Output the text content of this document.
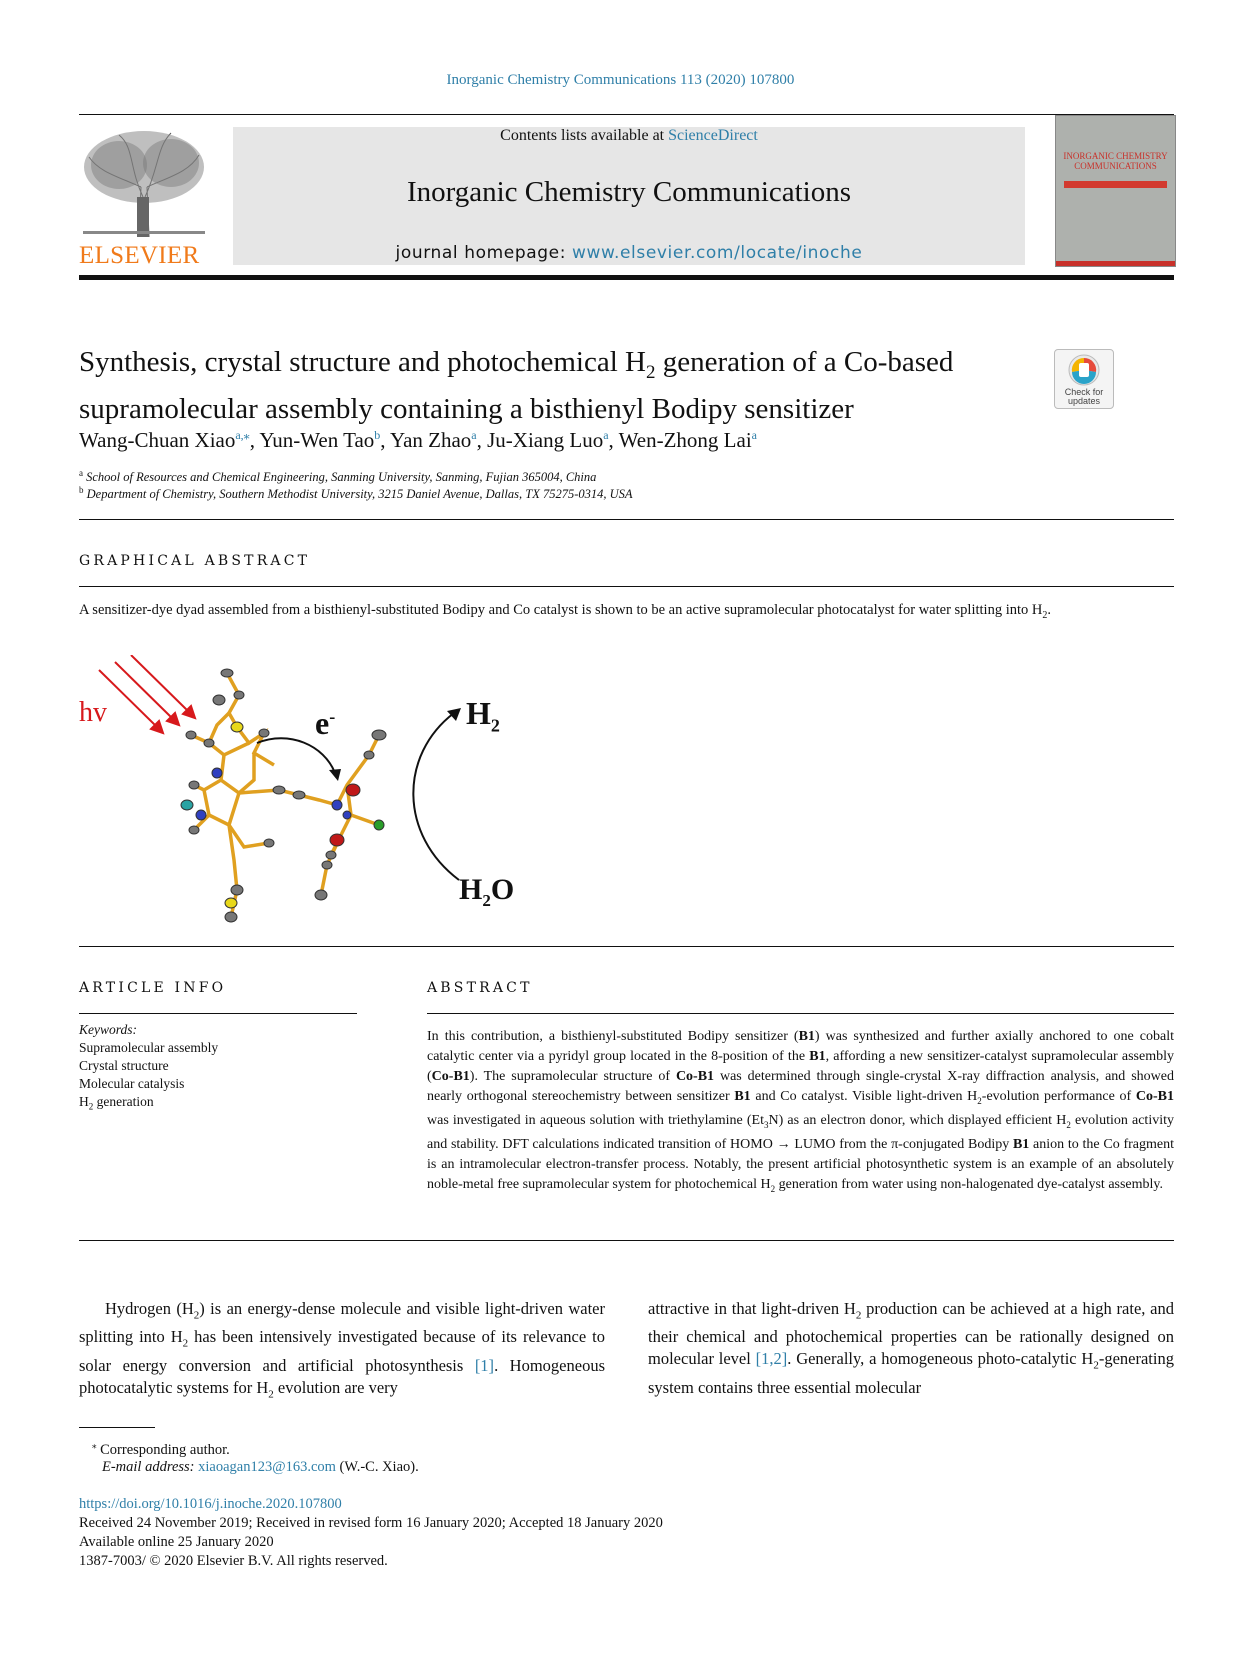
Inorganic Chemistry Communications 113 (2020) 107800
ELSEVIER
Contents lists available at ScienceDirect
Inorganic Chemistry Communications
journal homepage: www.elsevier.com/locate/inoche
INORGANIC CHEMISTRY COMMUNICATIONS
Synthesis, crystal structure and photochemical $H_2$ generation of a Co-based
supramolecular assembly containing a bisthienyl Bodipy sensitizer
Check for
updates
Wang-Chuan Xiao$^{a,⁎}$, Yun-Wen Tao$^b$, Yan Zhao$^a$, Ju-Xiang Luo$^a$, Wen-Zhong Lai$^a$
$^a$ School of Resources and Chemical Engineering, Sanming University, Sanming, Fujian 365004, China
$^b$ Department of Chemistry, Southern Methodist University, 3215 Daniel Avenue, Dallas, TX 75275-0314, USA
GRAPHICAL ABSTRACT
A sensitizer-dye dyad assembled from a bisthienyl-substituted Bodipy and Co catalyst is shown to be an active supramolecular photocatalyst for water splitting into $H_2$.
hv	e-	$H_2$
$H_2O$
ARTICLE INFO
Keywords:
Supramolecular assembly
Crystal structure
Molecular catalysis
$H_2$ generation
ABSTRACT
In this contribution, a bisthienyl-substituted Bodipy sensitizer (B1) was synthesized and further axially anchored to one cobalt catalytic center via a pyridyl group located in the 8-position of the B1, affording a new sensitizer-catalyst supramolecular assembly (Co-B1). The supramolecular structure of Co-B1 was determined through single-crystal X-ray diffraction analysis, and showed nearly orthogonal stereochemistry between sensitizer B1 and Co catalyst. Visible light-driven $H_2$-evolution performance of Co-B1 was investigated in aqueous solution with triethylamine $(Et_3N)$ as an electron donor, which displayed efficient $H_2$ evolution activity and stability. DFT calculations indicated transition of HOMO → LUMO from the π-conjugated Bodipy B1 anion to the Co fragment is an intramolecular electron-transfer process. Notably, the present artificial photosynthetic system is an example of an absolutely noble-metal free supramolecular system for photochemical $H_2$ generation from water using non-halogenated dye-catalyst assembly.
Hydrogen $(H_2)$ is an energy-dense molecule and visible light-driven water splitting into $H_2$ has been intensively investigated because of its relevance to solar energy conversion and artificial photosynthesis [1]. Homogeneous photocatalytic systems for $H_2$ evolution are very
attractive in that light-driven $H_2$ production can be achieved at a high rate, and their chemical and photochemical properties can be rationally designed on molecular level [1,2]. Generally, a homogeneous photo-catalytic $H_2$-generating system contains three essential molecular
⁎ Corresponding author.
E-mail address: xiaoagan123@163.com (W.-C. Xiao).
https://doi.org/10.1016/j.inoche.2020.107800
Received 24 November 2019; Received in revised form 16 January 2020; Accepted 18 January 2020
Available online 25 January 2020
1387-7003/ © 2020 Elsevier B.V. All rights reserved.
